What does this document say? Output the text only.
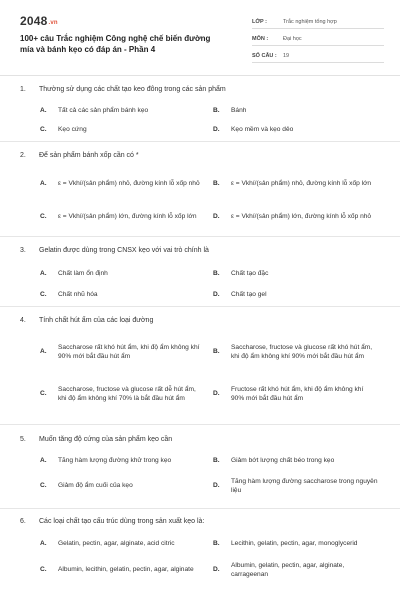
2048.vn
100+ câu Trắc nghiệm Công nghệ chế biến đường mía và bánh kẹo có đáp án - Phần 4
LỚP :	Trắc nghiệm tổng hợp
MÔN :	Đại học
SỐ CÂU :	19
1.	Thường sử dụng các chất tạo keo đông trong các sản phẩm
A.	Tất cả các sản phẩm bánh kẹo	B.	Bánh
C.	Kẹo cứng	D.	Kẹo mềm và kẹo dẻo
2.	Để sản phẩm bánh xốp cần có *
A.	ε = Vkhí/(sản phẩm) nhỏ, đường kính lỗ xốp nhỏ	B.	ε = Vkhí/(sản phẩm) nhỏ, đường kính lỗ xốp lớn
C.	ε = Vkhí/(sản phẩm) lớn, đường kính lỗ xốp lớn	D.	ε = Vkhí/(sản phẩm) lớn, đường kính lỗ xốp nhỏ
3.	Gelatin được dùng trong CNSX kẹo với vai trò chính là
A.	Chất làm ổn định	B.	Chất tạo đặc
C.	Chất nhũ hóa	D.	Chất tạo gel
4.	Tính chất hút ẩm của các loại đường
A.
Saccharose rất khó hút ẩm, khi độ ẩm không khí 90% mới bắt đầu hút ẩm
B.
Saccharose, fructose và glucose rất khó hút ẩm, khi độ ẩm không khí 90% mới bắt đầu hút ẩm
C.
Saccharose, fructose và glucose rất dễ hút ẩm, khi độ ẩm không khí 70% là bắt đầu hút ẩm
D.
Fructose rất khó hút ẩm, khi độ ẩm không khí 90% mới bắt đầu hút ẩm
5.	Muốn tăng độ cứng của sản phẩm kẹo cần
A.	Tăng hàm lượng đường khử trong kẹo	B.	Giảm bớt lượng chất béo trong kẹo
C.	Giảm độ ẩm cuối của kẹo	D.
Tăng hàm lượng đường saccharose trong nguyên liệu
6.	Các loại chất tạo cấu trúc dùng trong sản xuất kẹo là:
A.	Gelatin, pectin, agar, alginate, acid citric	B.	Lecithin, gelatin, pectin, agar, monoglycerid
C.	Albumin, lecithin, gelatin, pectin, agar, alginate	D.
Albumin, gelatin, pectin, agar, alginate, carrageenan
